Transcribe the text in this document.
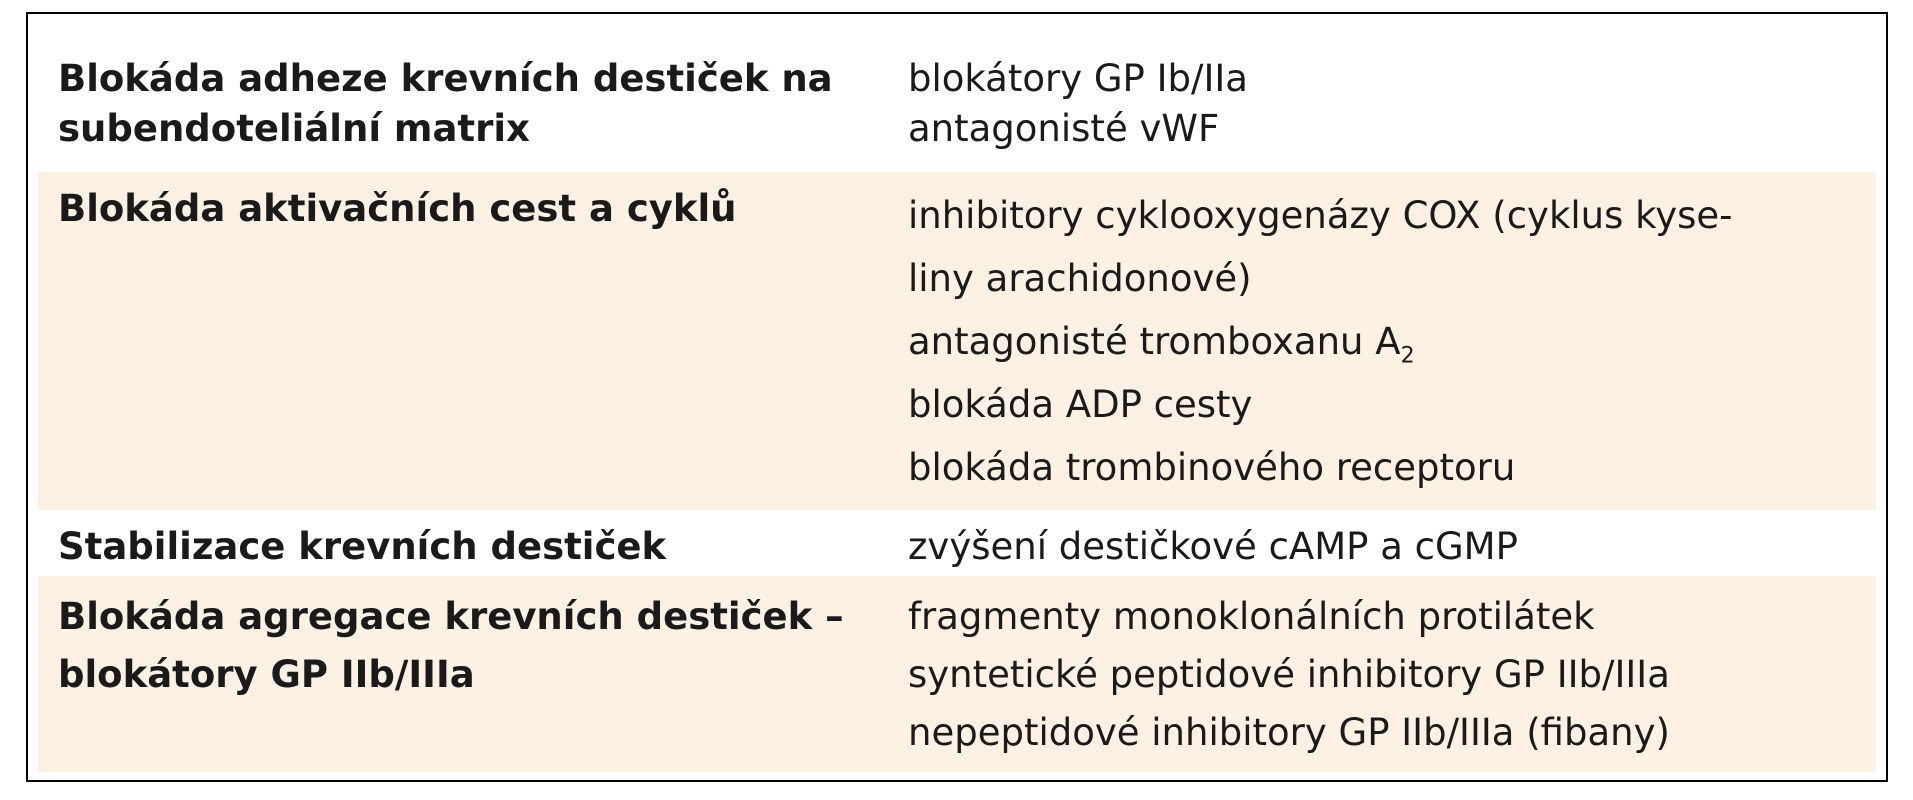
Blokáda adheze krevních destiček na
subendoteliální matrix
blokátory GP Ib/IIa
antagonisté vWF
Blokáda aktivačních cest a cyklů	inhibitory cyklooxygenázy COX (cyklus kyse-
liny arachidonové)
antagonisté tromboxanu $A_2$
blokáda ADP cesty
blokáda trombinového receptoru
Stabilizace krevních destiček	zvýšení destičkové cAMP a cGMP
Blokáda agregace krevních destiček –
blokátory GP IIb/IIIa
fragmenty monoklonálních protilátek
syntetické peptidové inhibitory GP IIb/IIIa
nepeptidové inhibitory GP IIb/IIIa (fibany)
